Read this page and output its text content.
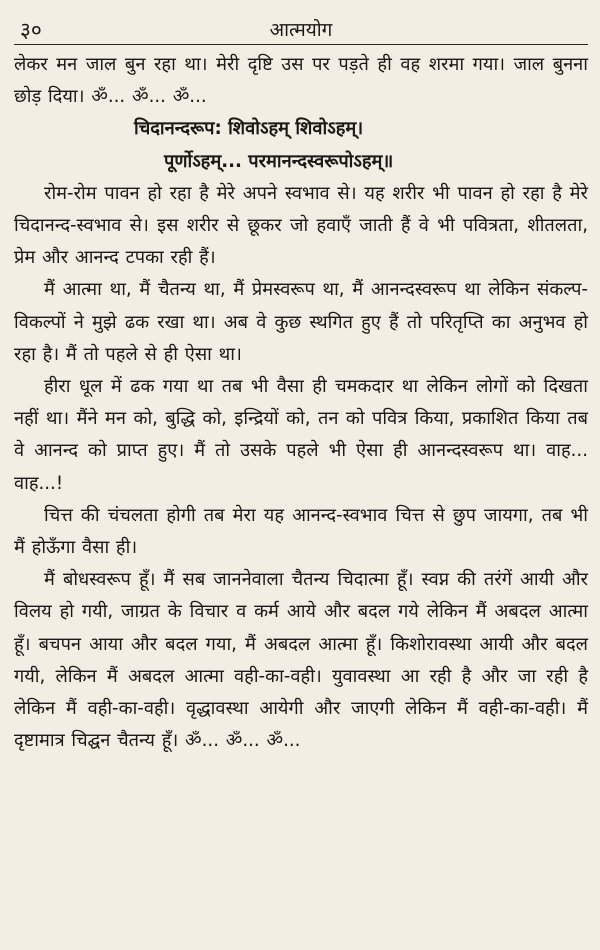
३०	आत्मयोग

लेकर मन जाल बुन रहा था। मेरी दृष्टि उस पर पड़ते ही वह शरमा गया। जाल बुनना छोड़ दिया। ॐ... ॐ... ॐ...

चिदानन्दरूप: शिवोऽहम् शिवोऽहम्।

पूर्णोऽहम्... परमानन्दस्वरूपोऽहम्॥

रोम-रोम पावन हो रहा है मेरे अपने स्वभाव से। यह शरीर भी पावन हो रहा है मेरे चिदानन्द-स्वभाव से। इस शरीर से छूकर जो हवाएँ जाती हैं वे भी पवित्रता, शीतलता, प्रेम और आनन्द टपका रही हैं।

मैं आत्मा था, मैं चैतन्य था, मैं प्रेमस्वरूप था, मैं आनन्दस्वरूप था लेकिन संकल्प-विकल्पों ने मुझे ढक रखा था। अब वे कुछ स्थगित हुए हैं तो परितृप्ति का अनुभव हो रहा है। मैं तो पहले से ही ऐसा था।

हीरा धूल में ढक गया था तब भी वैसा ही चमकदार था लेकिन लोगों को दिखता नहीं था। मैंने मन को, बुद्धि को, इन्द्रियों को, तन को पवित्र किया, प्रकाशित किया तब वे आनन्द को प्राप्त हुए। मैं तो उसके पहले भी ऐसा ही आनन्दस्वरूप था। वाह... वाह...!

चित्त की चंचलता होगी तब मेरा यह आनन्द-स्वभाव चित्त से छुप जायगा, तब भी मैं होऊँगा वैसा ही।

मैं बोधस्वरूप हूँ। मैं सब जाननेवाला चैतन्य चिदात्मा हूँ। स्वप्न की तरंगें आयी और विलय हो गयी, जाग्रत के विचार व कर्म आये और बदल गये लेकिन मैं अबदल आत्मा हूँ। बचपन आया और बदल गया, मैं अबदल आत्मा हूँ। किशोरावस्था आयी और बदल गयी, लेकिन मैं अबदल आत्मा वही-का-वही। युवावस्था आ रही है और जा रही है लेकिन मैं वही-का-वही। वृद्धावस्था आयेगी और जाएगी लेकिन मैं वही-का-वही। मैं दृष्टामात्र चिद्घन चैतन्य हूँ। ॐ... ॐ... ॐ...
